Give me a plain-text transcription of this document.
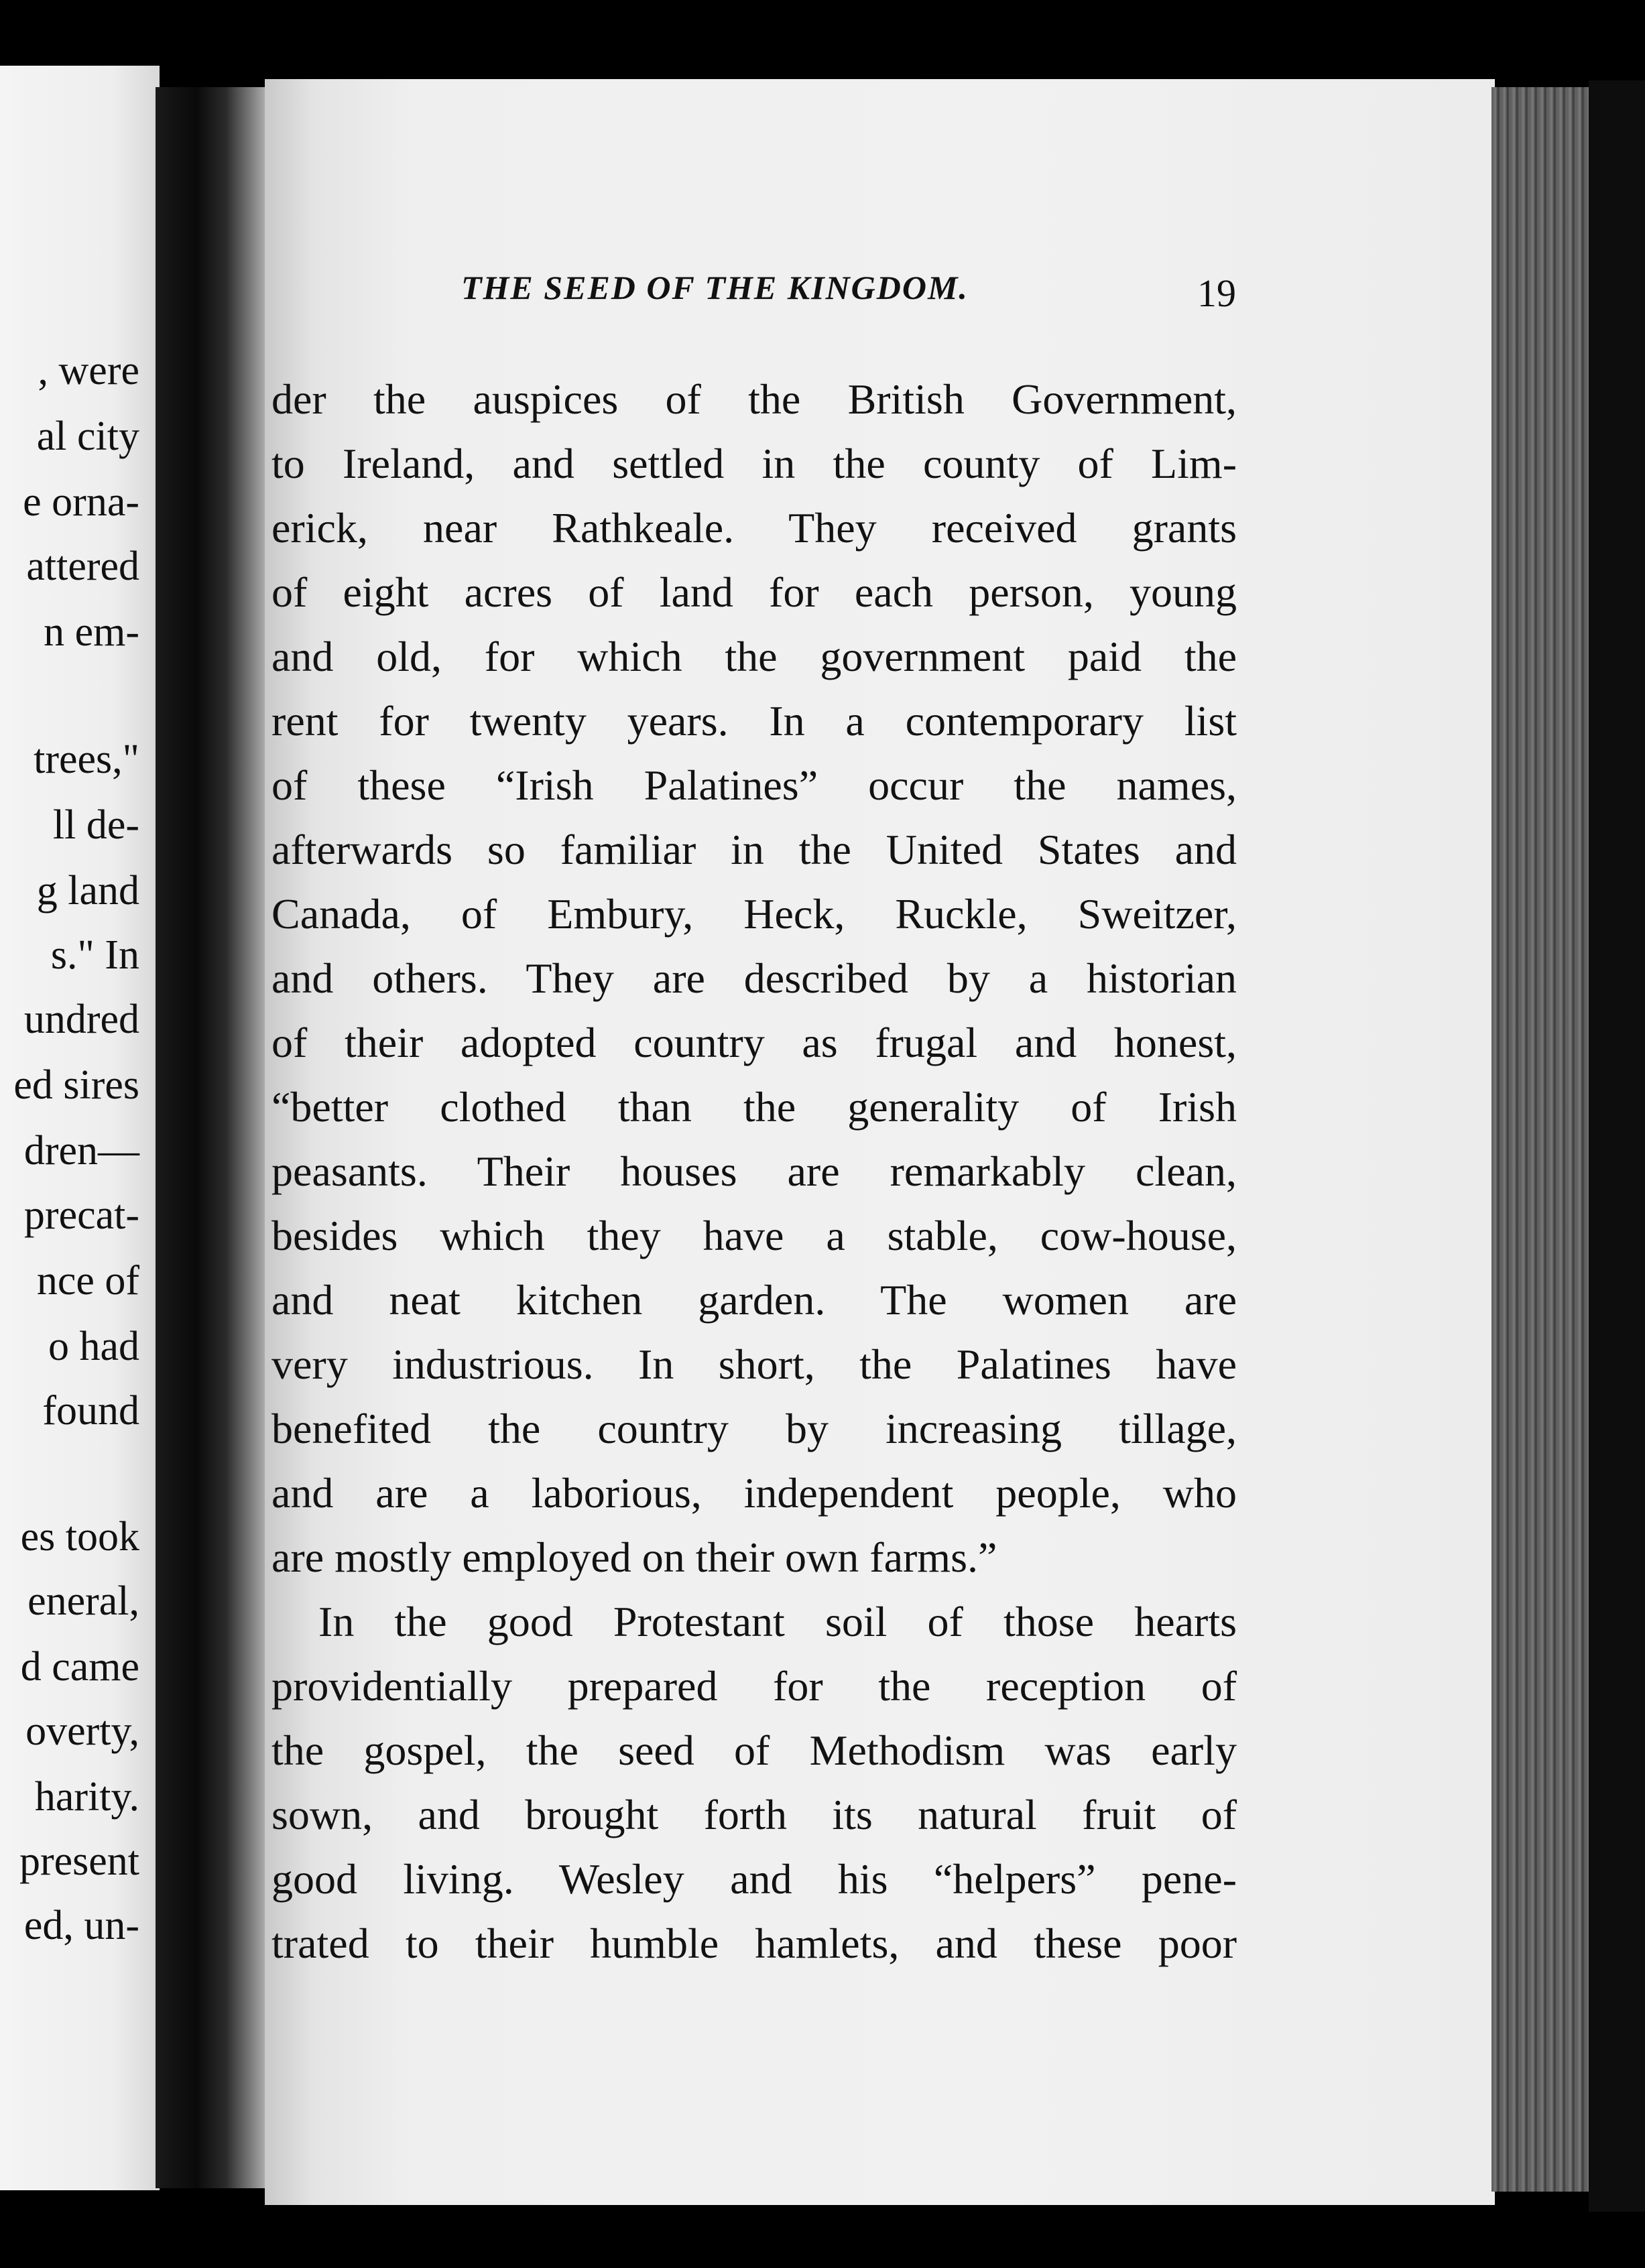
, were
al city
e orna-
attered
n em-
trees,"
ll de-
g land
s." In
undred
ed sires
dren—
precat-
nce of
o had
found
es took
eneral,
d came
overty,
harity.
present
ed, un-
THE SEED OF THE KINGDOM.	19
der the auspices of the British Government,
to Ireland, and settled in the county of Lim-
erick, near Rathkeale. They received grants
of eight acres of land for each person, young
and old, for which the government paid the
rent for twenty years. In a contemporary list
of these “Irish Palatines” occur the names,
afterwards so familiar in the United States and
Canada, of Embury, Heck, Ruckle, Sweitzer,
and others. They are described by a historian
of their adopted country as frugal and honest,
“better clothed than the generality of Irish
peasants. Their houses are remarkably clean,
besides which they have a stable, cow-house,
and neat kitchen garden. The women are
very industrious. In short, the Palatines have
benefited the country by increasing tillage,
and are a laborious, independent people, who
are mostly employed on their own farms.”
In the good Protestant soil of those hearts
providentially prepared for the reception of
the gospel, the seed of Methodism was early
sown, and brought forth its natural fruit of
good living. Wesley and his “helpers” pene-
trated to their humble hamlets, and these poor
